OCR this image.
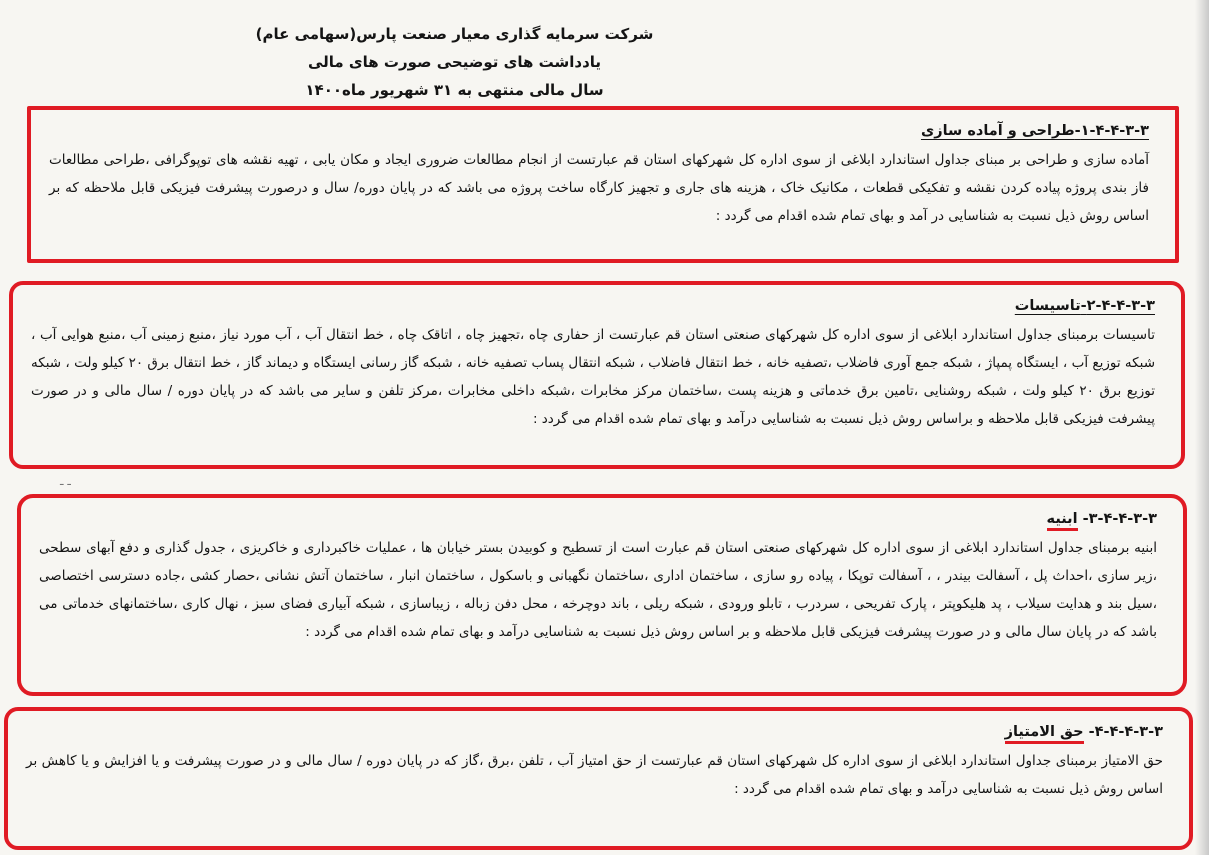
شرکت سرمایه گذاری معیار صنعت پارس(سهامی عام)
یادداشت های توضیحی صورت های مالی
سال مالی منتهی به ۳۱ شهریور ماه۱۴۰۰
ـ ـ
۱-۴-۴-۳-۳-طراحی و آماده سازی

آماده سازی و طراحی بر مبنای جداول استاندارد ابلاغی از سوی اداره کل شهرکهای استان قم عبارتست از انجام مطالعات ضروری ایجاد و مکان یابی ، تهیه نقشه های توپوگرافی ،طراحی مطالعات فاز بندی پروژه پیاده کردن نقشه و تفکیکی قطعات ، مکانیک خاک ، هزینه های جاری و تجهیز کارگاه ساخت پروژه می باشد که در پایان دوره/ سال و درصورت پیشرفت فیزیکی قابل ملاحظه که بر اساس روش ذیل نسبت به شناسایی در آمد و بهای تمام شده اقدام می گردد :

۲-۴-۴-۳-۳-تاسیسات

تاسیسات برمبنای جداول استاندارد ابلاغی از سوی اداره کل شهرکهای صنعتی استان قم عبارتست از حفاری چاه ،تجهیز چاه ، اتاقک چاه ، خط انتقال آب ، آب مورد نیاز ،منبع زمینی آب ،منبع هوایی آب ، شبکه توزیع آب ، ایستگاه پمپاژ ، شبکه جمع آوری فاضلاب ،تصفیه خانه ، خط انتقال فاضلاب ، شبکه انتقال پساب تصفیه خانه ، شبکه گاز رسانی ایستگاه و دیماند گاز ، خط انتقال برق ۲۰ کیلو ولت ، شبکه توزیع برق ۲۰ کیلو ولت ، شبکه روشنایی ،تامین برق خدماتی و هزینه پست ،ساختمان مرکز مخابرات ،شبکه داخلی مخابرات ،مرکز تلفن و سایر می باشد که در پایان دوره / سال مالی و در صورت پیشرفت فیزیکی قابل ملاحظه و براساس روش ذیل نسبت به شناسایی درآمد و بهای تمام شده اقدام می گردد :

۳-۴-۴-۳-۳- ابنیه

ابنیه برمبنای جداول استاندارد ابلاغی از سوی اداره کل شهرکهای صنعتی استان قم عبارت است از تسطیح و کوبیدن بستر خیابان ها ، عملیات خاکبرداری و خاکریزی ، جدول گذاری و دفع آبهای سطحی ،زیر سازی ،احداث پل ، آسفالت بیندر ، ، آسفالت توپکا ، پیاده رو سازی ، ساختمان اداری ،ساختمان نگهبانی و باسکول ، ساختمان انبار ، ساختمان آتش نشانی ،حصار کشی ،جاده دسترسی اختصاصی ،سیل بند و هدایت سیلاب ، پد هلیکوپتر ، پارک تفریحی ، سردرب ، تابلو ورودی ، شبکه ریلی ، باند دوچرخه ، محل دفن زباله ، زیباسازی ، شبکه آبیاری فضای سبز ، نهال کاری ،ساختمانهای خدماتی می باشد که در پایان سال مالی و در صورت پیشرفت فیزیکی قابل ملاحظه و بر اساس روش ذیل نسبت به شناسایی درآمد و بهای تمام شده اقدام می گردد :

۴-۴-۴-۳-۳- حق الامتیاز

حق الامتیاز برمبنای جداول استاندارد ابلاغی از سوی اداره کل شهرکهای استان قم عبارتست از حق امتیاز آب ، تلفن ،برق ،گاز که در پایان دوره / سال مالی و در صورت پیشرفت و یا افزایش و یا کاهش بر اساس روش ذیل نسبت به شناسایی درآمد و بهای تمام شده اقدام می گردد :
